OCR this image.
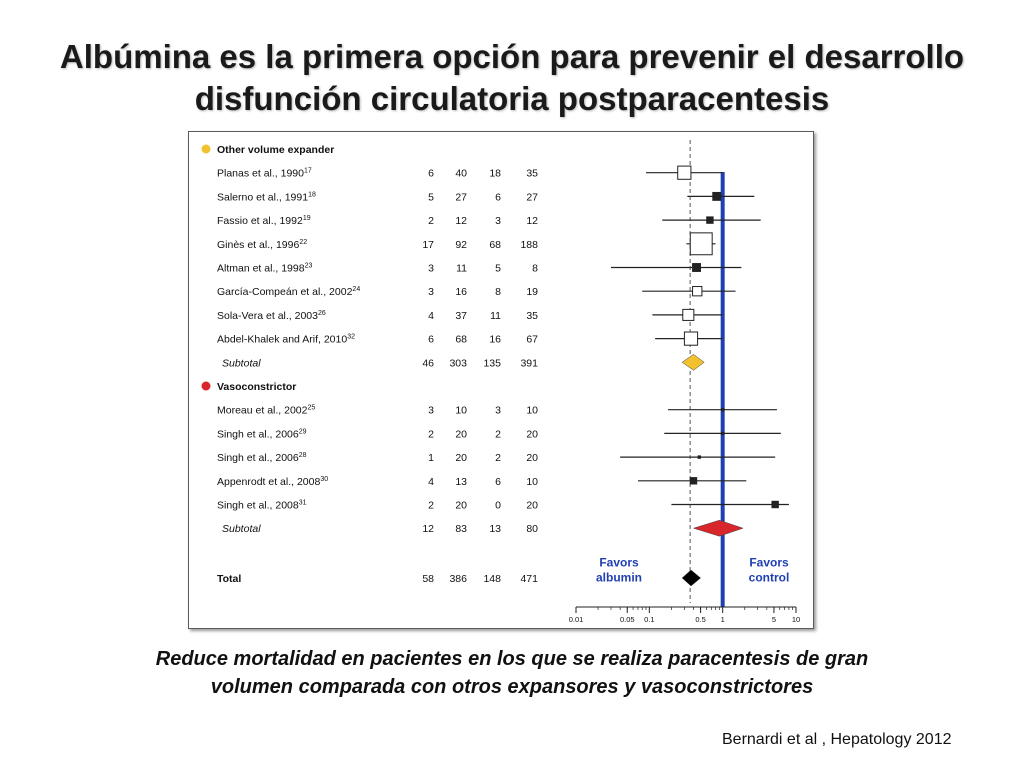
Albúmina es la primera opción para prevenir el desarrollo
disfunción circulatoria postparacentesis
Other volume expander
Planas et al., 1990$^{17}$	6 40 18 35
Salerno et al., 1991$^{18}$	5 27	6 27
Fassio et al., 1992$^{19}$	2 12	3 12
Ginès et al., 1996$^{22}$	17 92 68 188
Altman et al., 1998$^{23}$	3 11	5	8
García-Compeán et al., 2002$^{24}$	3 16	8 19
Sola-Vera et al., 2003$^{26}$	4 37 11 35
Abdel-Khalek and Arif, 2010$^{32}$	6 68 16 67
Subtotal	46 303 135 391
Vasoconstrictor
Moreau et al., 2002$^{25}$	3 10	3 10
Singh et al., 2006$^{29}$	2 20	2 20
Singh et al., 2006$^{28}$	1 20	2 20
Appenrodt et al., 2008$^{30}$	4 13	6 10
Singh et al., 2008$^{31}$	2 20	0 20
Subtotal	12 83 13 80
Total	58 386 148 471
Favors
albumin
Favors
control
0.01	0.05 0.1	0.5 1	5 10
Reduce mortalidad en pacientes en los que se realiza paracentesis de gran
volumen comparada con otros expansores y vasoconstrictores
Bernardi et al , Hepatology 2012
